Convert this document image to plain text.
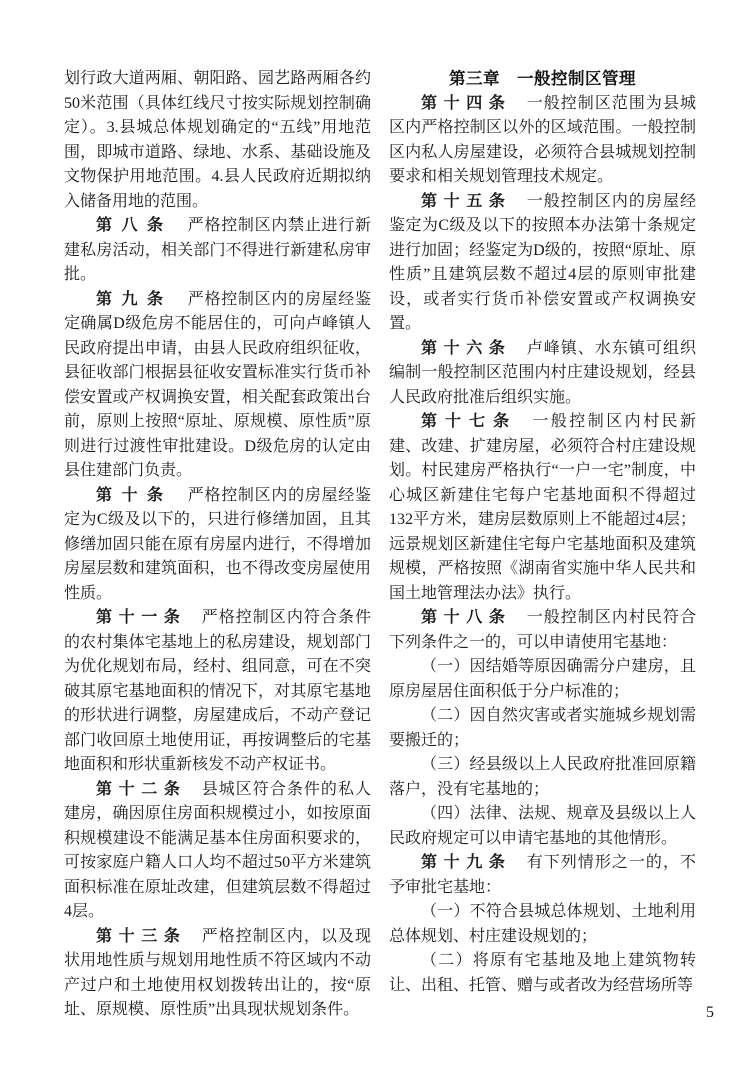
划行政大道两厢、朝阳路、园艺路两厢各约50米范围（具体红线尺寸按实际规划控制确定）。3.县城总体规划确定的“五线”用地范围，即城市道路、绿地、水系、基础设施及文物保护用地范围。4.县人民政府近期拟纳入储备用地的范围。

第八条 严格控制区内禁止进行新建私房活动，相关部门不得进行新建私房审批。

第九条 严格控制区内的房屋经鉴定确属D级危房不能居住的，可向卢峰镇人民政府提出申请，由县人民政府组织征收，县征收部门根据县征收安置标准实行货币补偿安置或产权调换安置，相关配套政策出台前，原则上按照“原址、原规模、原性质”原则进行过渡性审批建设。D级危房的认定由县住建部门负责。

第十条 严格控制区内的房屋经鉴定为C级及以下的，只进行修缮加固，且其修缮加固只能在原有房屋内进行，不得增加房屋层数和建筑面积，也不得改变房屋使用性质。

第十一条 严格控制区内符合条件的农村集体宅基地上的私房建设，规划部门为优化规划布局，经村、组同意，可在不突破其原宅基地面积的情况下，对其原宅基地的形状进行调整，房屋建成后，不动产登记部门收回原土地使用证，再按调整后的宅基地面积和形状重新核发不动产权证书。

第十二条 县城区符合条件的私人建房，确因原住房面积规模过小，如按原面积规模建设不能满足基本住房面积要求的，可按家庭户籍人口人均不超过50平方米建筑面积标准在原址改建，但建筑层数不得超过4层。

第十三条 严格控制区内，以及现状用地性质与规划用地性质不符区域内不动产过户和土地使用权划拨转出让的，按“原址、原规模、原性质”出具现状规划条件。

第三章　一般控制区管理

第十四条 一般控制区范围为县城区内严格控制区以外的区域范围。一般控制区内私人房屋建设，必须符合县城规划控制要求和相关规划管理技术规定。

第十五条 一般控制区内的房屋经鉴定为C级及以下的按照本办法第十条规定进行加固；经鉴定为D级的，按照“原址、原性质”且建筑层数不超过4层的原则审批建设，或者实行货币补偿安置或产权调换安置。

第十六条 卢峰镇、水东镇可组织编制一般控制区范围内村庄建设规划，经县人民政府批准后组织实施。

第十七条 一般控制区内村民新建、改建、扩建房屋，必须符合村庄建设规划。村民建房严格执行“一户一宅”制度，中心城区新建住宅每户宅基地面积不得超过132平方米，建房层数原则上不能超过4层；远景规划区新建住宅每户宅基地面积及建筑规模，严格按照《湖南省实施中华人民共和国土地管理法办法》执行。

第十八条 一般控制区内村民符合下列条件之一的，可以申请使用宅基地：

（一）因结婚等原因确需分户建房，且原房屋居住面积低于分户标准的；

（二）因自然灾害或者实施城乡规划需要搬迁的；

（三）经县级以上人民政府批准回原籍落户，没有宅基地的；

（四）法律、法规、规章及县级以上人民政府规定可以申请宅基地的其他情形。

第十九条 有下列情形之一的，不予审批宅基地：

（一）不符合县城总体规划、土地利用总体规划、村庄建设规划的；

（二）将原有宅基地及地上建筑物转让、出租、托管、赠与或者改为经营场所等

5
